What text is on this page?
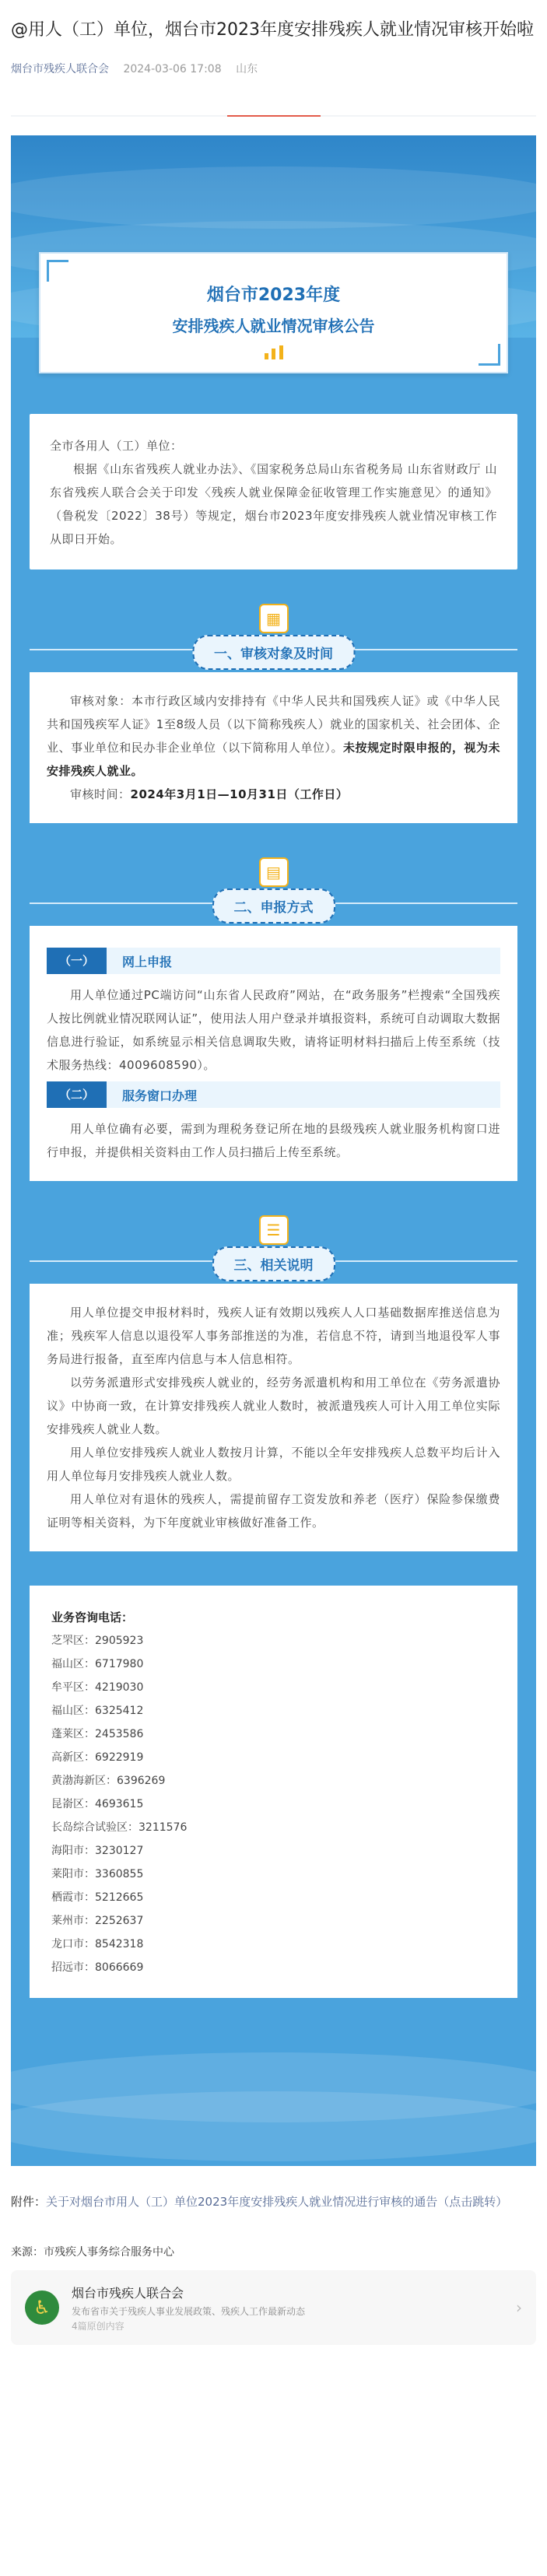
@用人（工）单位，烟台市2023年度安排残疾人就业情况审核开始啦
烟台市残疾人联合会 2024-03-06 17:08 山东
烟台市2023年度
安排残疾人就业情况审核公告

全市各用人（工）单位：

根据《山东省残疾人就业办法》、《国家税务总局山东省税务局 山东省财政厅 山东省残疾人联合会关于印发〈残疾人就业保障金征收管理工作实施意见〉的通知》（鲁税发〔2022〕38号）等规定，烟台市2023年度安排残疾人就业情况审核工作从即日开始。

▦
一、审核对象及时间

审核对象：本市行政区域内安排持有《中华人民共和国残疾人证》或《中华人民共和国残疾军人证》1至8级人员（以下简称残疾人）就业的国家机关、社会团体、企业、事业单位和民办非企业单位（以下简称用人单位）。未按规定时限申报的，视为未安排残疾人就业。

审核时间：2024年3月1日—10月31日（工作日）

▤
二、申报方式
（一）	网上申报

用人单位通过PC端访问“山东省人民政府”网站，在“政务服务”栏搜索“全国残疾人按比例就业情况联网认证”，使用法人用户登录并填报资料，系统可自动调取大数据信息进行验证，如系统显示相关信息调取失败，请将证明材料扫描后上传至系统（技术服务热线：4009608590）。

（二）	服务窗口办理

用人单位确有必要，需到为理税务登记所在地的县级残疾人就业服务机构窗口进行申报，并提供相关资料由工作人员扫描后上传至系统。

☰
三、相关说明

用人单位提交申报材料时，残疾人证有效期以残疾人人口基础数据库推送信息为准；残疾军人信息以退役军人事务部推送的为准，若信息不符，请到当地退役军人事务局进行报备，直至库内信息与本人信息相符。

以劳务派遣形式安排残疾人就业的，经劳务派遣机构和用工单位在《劳务派遣协议》中协商一致，在计算安排残疾人就业人数时，被派遣残疾人可计入用工单位实际安排残疾人就业人数。

用人单位安排残疾人就业人数按月计算，不能以全年安排残疾人总数平均后计入用人单位每月安排残疾人就业人数。

用人单位对有退休的残疾人，需提前留存工资发放和养老（医疗）保险参保缴费证明等相关资料，为下年度就业审核做好准备工作。

业务咨询电话：
芝罘区：2905923
福山区：6717980
牟平区：4219030
福山区：6325412
蓬莱区：2453586
高新区：6922919
黄渤海新区：6396269
昆嵛区：4693615
长岛综合试验区：3211576
海阳市：3230127
莱阳市：3360855
栖霞市：5212665
莱州市：2252637
龙口市：8542318
招远市：8066669
附件：关于对烟台市用人（工）单位2023年度安排残疾人就业情况进行审核的通告（点击跳转）
来源：市残疾人事务综合服务中心
♿
烟台市残疾人联合会
发布省市关于残疾人事业发展政策、残疾人工作最新动态
4篇原创内容
›
